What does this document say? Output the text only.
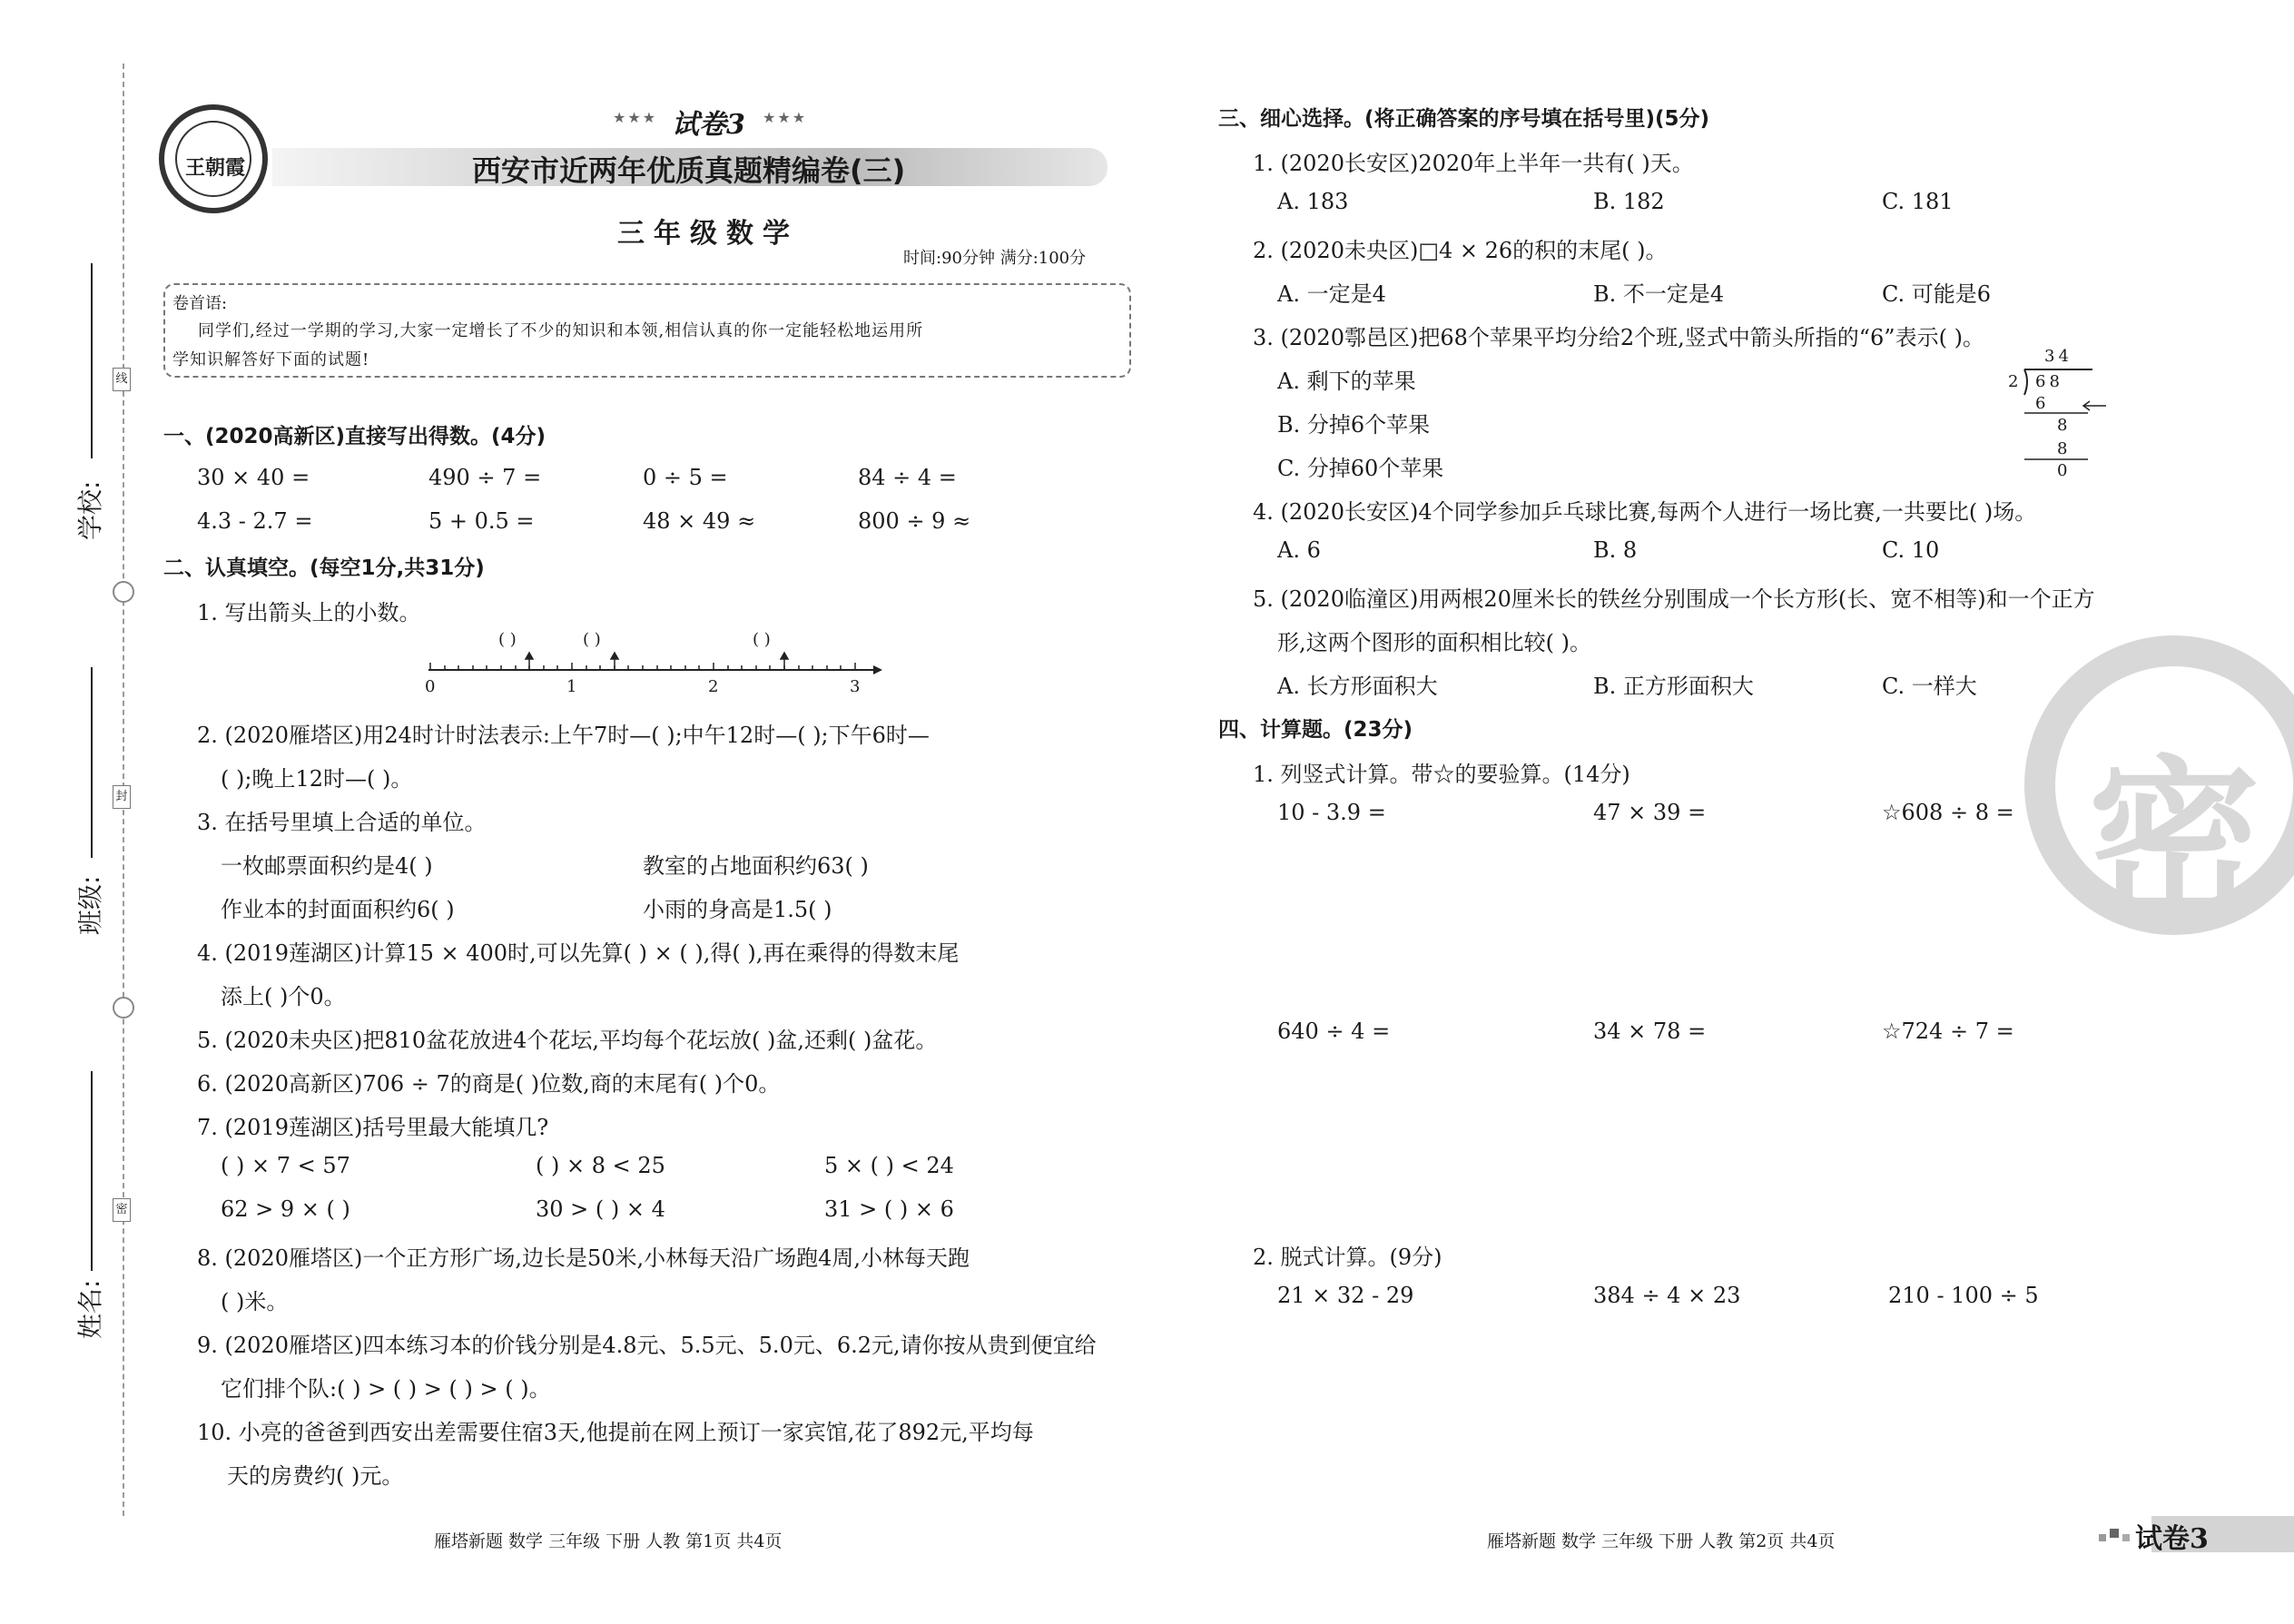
线
封
密
学校:
班级:
姓名:
王朝霞
★★★ 试卷3 ★★★
西安市近两年优质真题精编卷(三)
三年级数学
时间:90分钟 满分:100分
卷首语:
同学们,经过一学期的学习,大家一定增长了不少的知识和本领,相信认真的你一定能轻松地运用所
学知识解答好下面的试题!
一、(2020高新区)直接写出得数。(4分)
30 × 40 =	490 ÷ 7 =	0 ÷ 5 =	84 ÷ 4 =
4.3 - 2.7 =	5 + 0.5 =	48 × 49 ≈	800 ÷ 9 ≈
二、认真填空。(每空1分,共31分)
1. 写出箭头上的小数。
( )	( )	( )
0	1	2	3
2. (2020雁塔区)用24时计时法表示:上午7时—( );中午12时—( );下午6时—
( );晚上12时—( )。
3. 在括号里填上合适的单位。
一枚邮票面积约是4( )	教室的占地面积约63( )
作业本的封面面积约6( )	小雨的身高是1.5( )
4. (2019莲湖区)计算15 × 400时,可以先算( ) × ( ),得( ),再在乘得的得数末尾
添上( )个0。
5. (2020未央区)把810盆花放进4个花坛,平均每个花坛放( )盆,还剩( )盆花。
6. (2020高新区)706 ÷ 7的商是( )位数,商的末尾有( )个0。
7. (2019莲湖区)括号里最大能填几?
( ) × 7 < 57	( ) × 8 < 25	5 × ( ) < 24
62 > 9 × ( )	30 > ( ) × 4	31 > ( ) × 6
8. (2020雁塔区)一个正方形广场,边长是50米,小林每天沿广场跑4周,小林每天跑
( )米。
9. (2020雁塔区)四本练习本的价钱分别是4.8元、5.5元、5.0元、6.2元,请你按从贵到便宜给
它们排个队:( ) > ( ) > ( ) > ( )。
10. 小亮的爸爸到西安出差需要住宿3天,他提前在网上预订一家宾馆,花了892元,平均每
天的房费约( )元。
雁塔新题 数学 三年级 下册 人教 第1页 共4页
密
三、细心选择。(将正确答案的序号填在括号里)(5分)
1. (2020长安区)2020年上半年一共有( )天。
A. 183	B. 182	C. 181
2. (2020未央区)□4 × 26的积的末尾( )。
A. 一定是4	B. 不一定是4	C. 可能是6
3. (2020鄠邑区)把68个苹果平均分给2个班,竖式中箭头所指的“6”表示( )。
A. 剩下的苹果
B. 分掉6个苹果
C. 分掉60个苹果
34
2 68
6
8
8
0
4. (2020长安区)4个同学参加乒乓球比赛,每两个人进行一场比赛,一共要比( )场。
A. 6	B. 8	C. 10
5. (2020临潼区)用两根20厘米长的铁丝分别围成一个长方形(长、宽不相等)和一个正方
形,这两个图形的面积相比较( )。
A. 长方形面积大	B. 正方形面积大	C. 一样大
四、计算题。(23分)
1. 列竖式计算。带☆的要验算。(14分)
10 - 3.9 =	47 × 39 =	☆608 ÷ 8 =
640 ÷ 4 =	34 × 78 =	☆724 ÷ 7 =
2. 脱式计算。(9分)
21 × 32 - 29	384 ÷ 4 × 23	210 - 100 ÷ 5
雁塔新题 数学 三年级 下册 人教 第2页 共4页	试卷3
